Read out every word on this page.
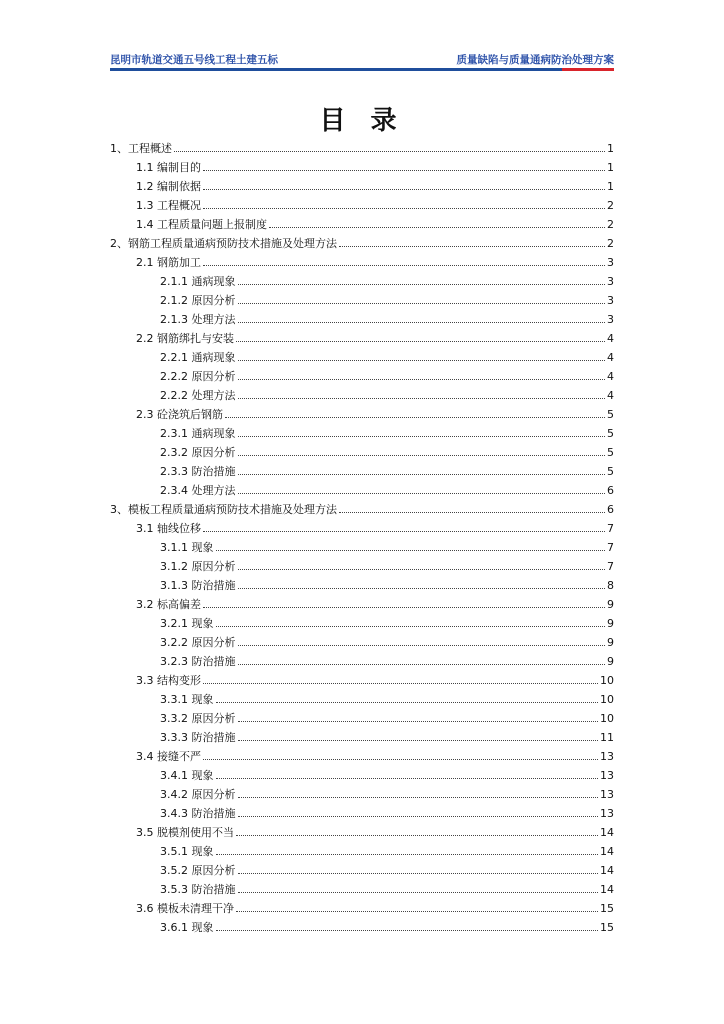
昆明市轨道交通五号线工程土建五标	质量缺陷与质量通病防治处理方案
目 录
1、工程概述	1
1.1 编制目的	1
1.2 编制依据	1
1.3 工程概况	2
1.4 工程质量问题上报制度	2
2、钢筋工程质量通病预防技术措施及处理方法	2
2.1 钢筋加工	3
2.1.1 通病现象	3
2.1.2 原因分析	3
2.1.3 处理方法	3
2.2 钢筋绑扎与安装	4
2.2.1 通病现象	4
2.2.2 原因分析	4
2.2.2 处理方法	4
2.3 砼浇筑后钢筋	5
2.3.1 通病现象	5
2.3.2 原因分析	5
2.3.3 防治措施	5
2.3.4 处理方法	6
3、模板工程质量通病预防技术措施及处理方法	6
3.1 轴线位移	7
3.1.1 现象	7
3.1.2 原因分析	7
3.1.3 防治措施	8
3.2 标高偏差	9
3.2.1 现象	9
3.2.2 原因分析	9
3.2.3 防治措施	9
3.3 结构变形	10
3.3.1 现象	10
3.3.2 原因分析	10
3.3.3 防治措施	11
3.4 接缝不严	13
3.4.1 现象	13
3.4.2 原因分析	13
3.4.3 防治措施	13
3.5 脱模剂使用不当	14
3.5.1 现象	14
3.5.2 原因分析	14
3.5.3 防治措施	14
3.6 模板未清理干净	15
3.6.1 现象	15
